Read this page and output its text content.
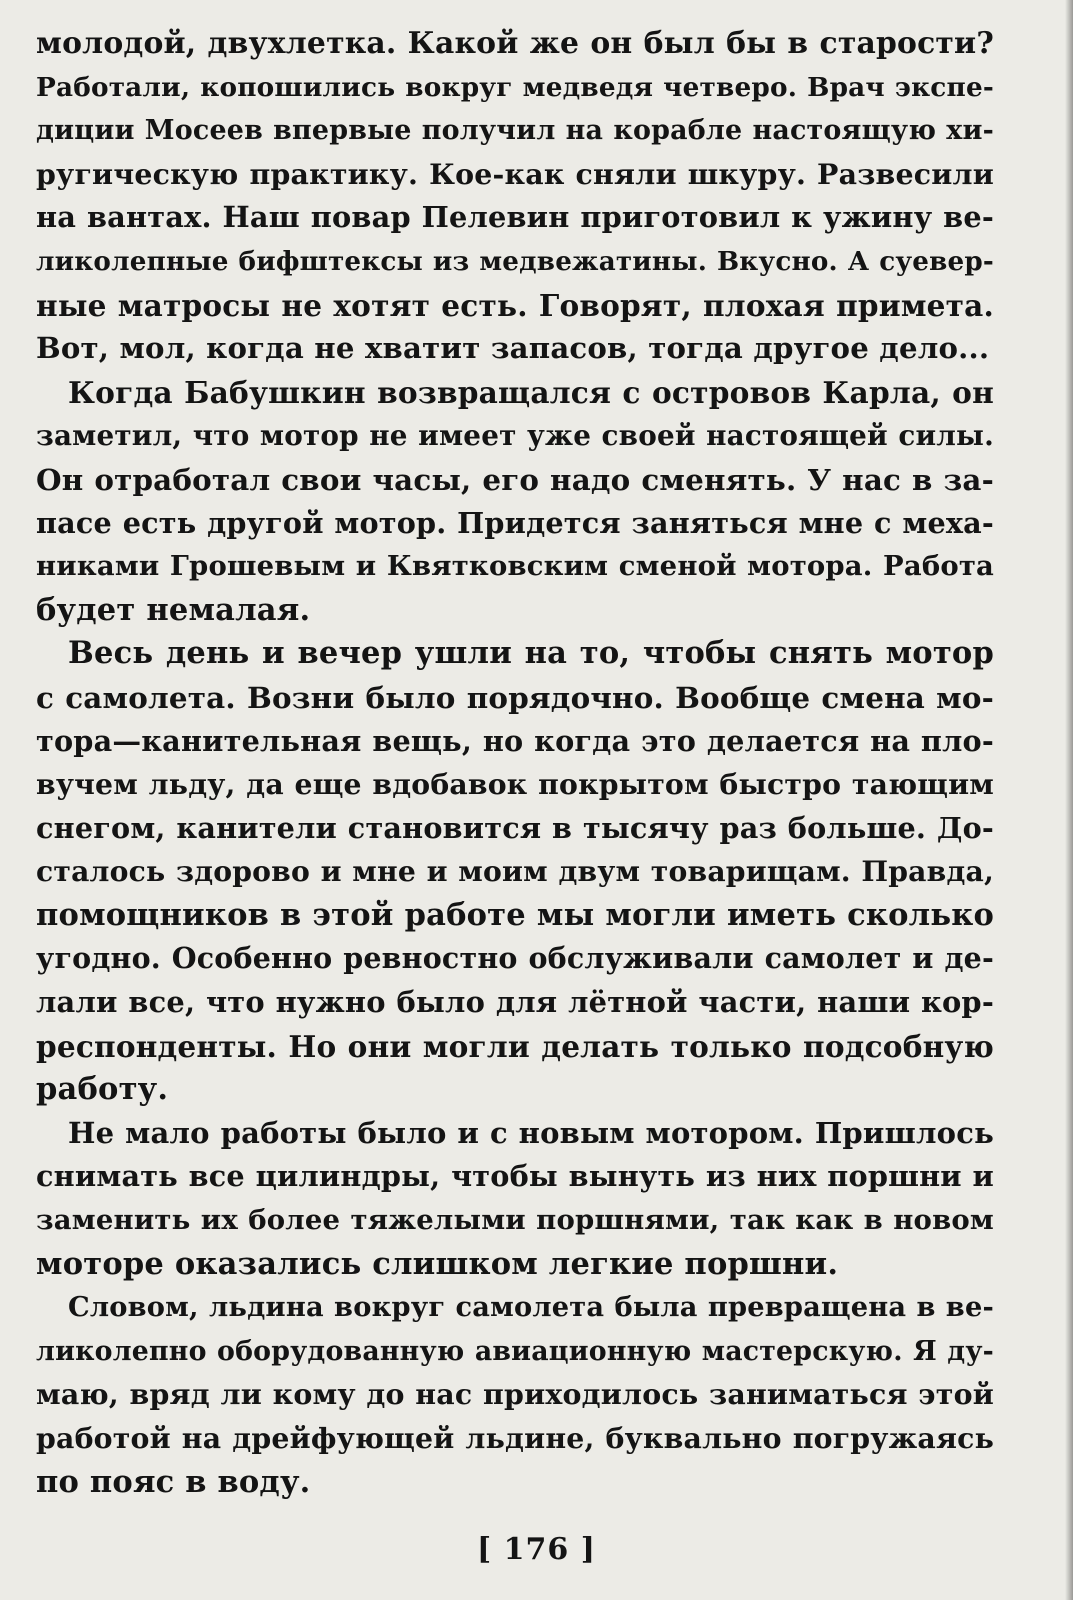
молодой, двухлетка. Какой же он был бы в старости?
Работали, копошились вокруг медведя четверо. Врач экспе-
диции Мосеев впервые получил на корабле настоящую хи-
ругическую практику. Кое-как сняли шкуру. Развесили
на вантах. Наш повар Пелевин приготовил к ужину ве-
ликолепные бифштексы из медвежатины. Вкусно. А суевер-
ные матросы не хотят есть. Говорят, плохая примета.
Вот, мол, когда не хватит запасов, тогда другое дело...
Когда Бабушкин возвращался с островов Карла, он
заметил, что мотор не имеет уже своей настоящей силы.
Он отработал свои часы, его надо сменять. У нас в за-
пасе есть другой мотор. Придется заняться мне с меха-
никами Грошевым и Квятковским сменой мотора. Работа
будет немалая.
Весь день и вечер ушли на то, чтобы снять мотор
с самолета. Возни было порядочно. Вообще смена мо-
тора—канительная вещь, но когда это делается на пло-
вучем льду, да еще вдобавок покрытом быстро тающим
снегом, канители становится в тысячу раз больше. До-
сталось здорово и мне и моим двум товарищам. Правда,
помощников в этой работе мы могли иметь сколько
угодно. Особенно ревностно обслуживали самолет и де-
лали все, что нужно было для лётной части, наши кор-
респонденты. Но они могли делать только подсобную
работу.
Не мало работы было и с новым мотором. Пришлось
снимать все цилиндры, чтобы вынуть из них поршни и
заменить их более тяжелыми поршнями, так как в новом
моторе оказались слишком легкие поршни.
Словом, льдина вокруг самолета была превращена в ве-
ликолепно оборудованную авиационную мастерскую. Я ду-
маю, вряд ли кому до нас приходилось заниматься этой
работой на дрейфующей льдине, буквально погружаясь
по пояс в воду.
[ 176 ]
